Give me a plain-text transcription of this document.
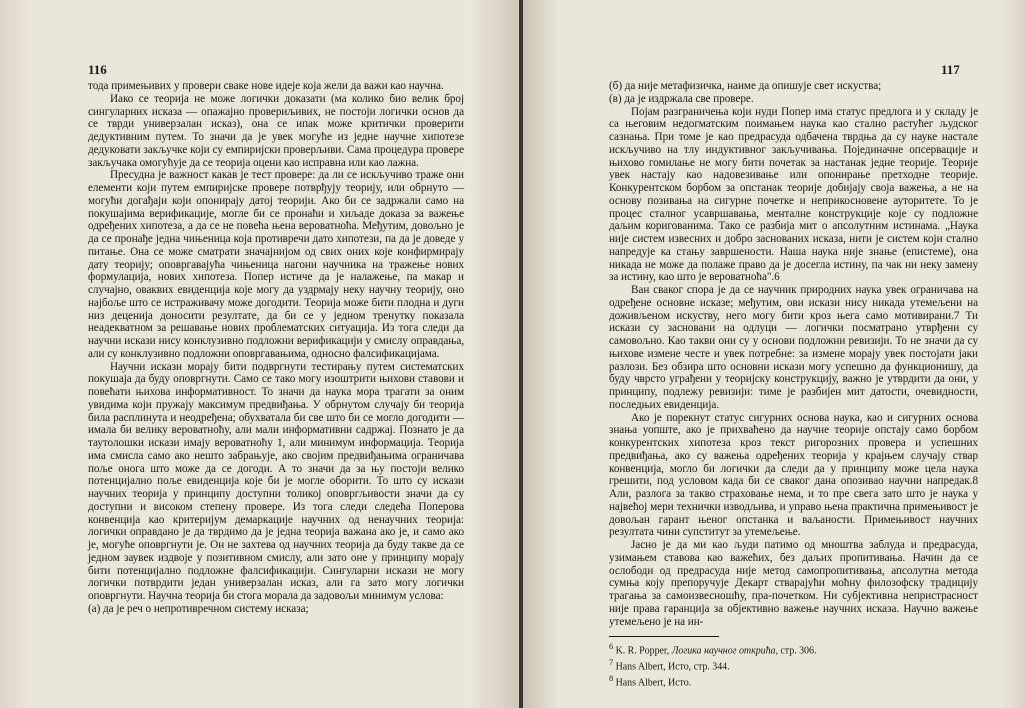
116

тода примењивих у провери сваке нове идеје која жели да важи као научна.

Иако се теорија не може логички доказати (ма колико био велик број сингуларних исказа — опажајно провериљивих, не постоји логички основ да се тврди универзалан исказ), она се ипак може критички проверити дедуктивним путем. То значи да је увек могуће из једне научне хипотезе дедуковати закључке који су емпиријски проверљиви. Сама процедура провере закључака омогућује да се теорија оцени као исправна или као лажна.

Пресудна је важност какав је тест провере: да ли се искључиво траже они елементи који путем емпиријске провере потврђују теорију, или обрнуто — могући догађаји који опонирају датој теорији. Ако би се задржали само на покушајима верификације, могле би се пронаћи и хиљаде доказа за важење одређених хипотеза, а да се не повећа њена вероватноћа. Међутим, довољно је да се пронађе једна чињеница која противречи дато хипотези, па да је доведе у питање. Она се може сматрати значајнијом од свих оних које конфирмирају дату теорију; оповргавајућа чињеница нагони научника на тражење нових формулација, нових хипотеза. Попер истиче да је налажење, па макар и случајно, оваквих евиденција које могу да уздрмају неку научну теорију, оно најбоље што се истраживачу може догодити. Теорија може бити плодна и дуги низ деценија доносити резултате, да би се у једном тренутку показала неадекватном за решавање нових проблематских ситуација. Из тога следи да научни искази нису конклузивно подложни верификацији у смислу оправдања, али су конклузивно подложни оповргавањима, односно фалсификацијама.

Научни искази морају бити подвргнути тестирању путем систематских покушаја да буду оповргнути. Само се тако могу изоштрити њихови ставови и повећати њихова информативност. То значи да наука мора трагати за оним увидима који пружају максимум предвиђања. У обрнутом случају би теорија била расплинута и неодређена; обухватала би све што би се могло догодити — имала би велику вероватноћу, али мали информативни садржај. Познато је да таутолошки искази имају вероватноћу 1, али минимум информација. Теорија има смисла само ако нешто забрањује, ако својим предвиђањима ограничава поље онога што може да се догоди. А то значи да за њу постоји велико потенцијално поље евиденција које би је могле оборити. То што су искази научних теорија у принципу доступни толикој оповргљивости значи да су доступни и високом степену провере. Из тога следи следећа Поперова конвенција као критеријум демаркације научних од ненаучних теорија: логички оправдано је да тврдимо да је једна теорија важана ако је, и само ако је, могуће оповргнути је. Он не захтева од научних теорија да буду такве да се једном заувек издвоје у позитивном смислу, али зато оне у принципу морају бити потенцијално подложне фалсификацији. Сингуларни искази не могу логички потврдити један универзалан исказ, али га зато могу логички оповргнути. Научна теорија би стога морала да задовољи минимум услова:

(а) да је реч о непротивречном систему исказа;

117

(б) да није метафизичка, наиме да опишује свет искуства;

(в) да је издржала све провере.

Појам разграничења који нуди Попер има статус предлога и у складу је са његовим недогматским поимањем наука као стално растућег људског сазнања. При томе је као предрасуда одбачена тврдња да су науке настале искључиво на тлу индуктивног закључивања. Појединачне опсервације и њихово гомилање не могу бити почетак за настанак једне теорије. Теорије увек настају као надовезивање или опонирање претходне теорије. Конкурентском борбом за опстанак теорије добијају своја важења, а не на основу позивања на сигурне почетке и неприкосновене ауторитете. То је процес сталног усавршавања, менталне конструкције које су подложне даљим коригованима. Тако се разбија мит о апсолутним истинама. „Наука није систем извесних и добро заснованих исказа, нити је систем који стално напредује ка стању завршености. Наша наука није знање (епистеме), она никада не може да полаже право да је досегла истину, па чак ни неку замену за истину, као што је вероватноћа".6

Ван сваког спора је да се научник природних наука увек ограничава на одређене основне исказе; међутим, ови искази нису никада утемељени на доживљеном искуству, него могу бити кроз њега само мотивирани.7 Ти искази су засновани на одлуци — логички посматрано утврђени су самовољно. Као такви они су у основи подложни ревизији. То не значи да су њихове измене честе и увек потребне: за измене морају увек постојати јаки разлози. Без обзира што основни искази могу успешно да функционишу, да буду чврсто уграђени у теоријску конструкцију, важно је утврдити да они, у принципу, подлежу ревизији: тиме је разбијен мит датости, очевидности, последњих евиденција.

Ако је порекнут статус сигурних основа наука, као и сигурних основа знања уопште, ако је прихваћено да научне теорије опстају само борбом конкурентских хипотеза кроз текст ригорозних провера и успешних предвиђања, ако су важења одређених теорија у крајњем случају ствар конвенција, могло би логички да следи да у принципу може цела наука грешити, под условом када би се сваког дана опозивао научни напредак.8 Али, разлога за такво страховање нема, и то пре свега зато што је наука у највећој мери технички изводљива, и управо њена практична примењивост је довољан гарант њеног опстанка и ваљаности. Примењивост научних резултата чини супститут за утемељење.

Јасно је да ми као људи патимо од мноштва заблуда и предрасуда, узимањем ставова као важећих, без даљих пропитивања. Начин да се ослободи од предрасуда није метод самопропитивања, апсолутна метода сумња коју препоручује Декарт стварајући моћну филозофску традицију трагања за самоизвесношћу, пра-почетком. Ни субјективна непристрасност није права гаранција за објективно важење научних исказа. Научно важење утемељено је на ин-

$^6$ K. R. Popper, Логика научног открића, стр. 306.

$^7$ Hans Albert, Исто, стр. 344.

$^8$ Hans Albert, Исто.
